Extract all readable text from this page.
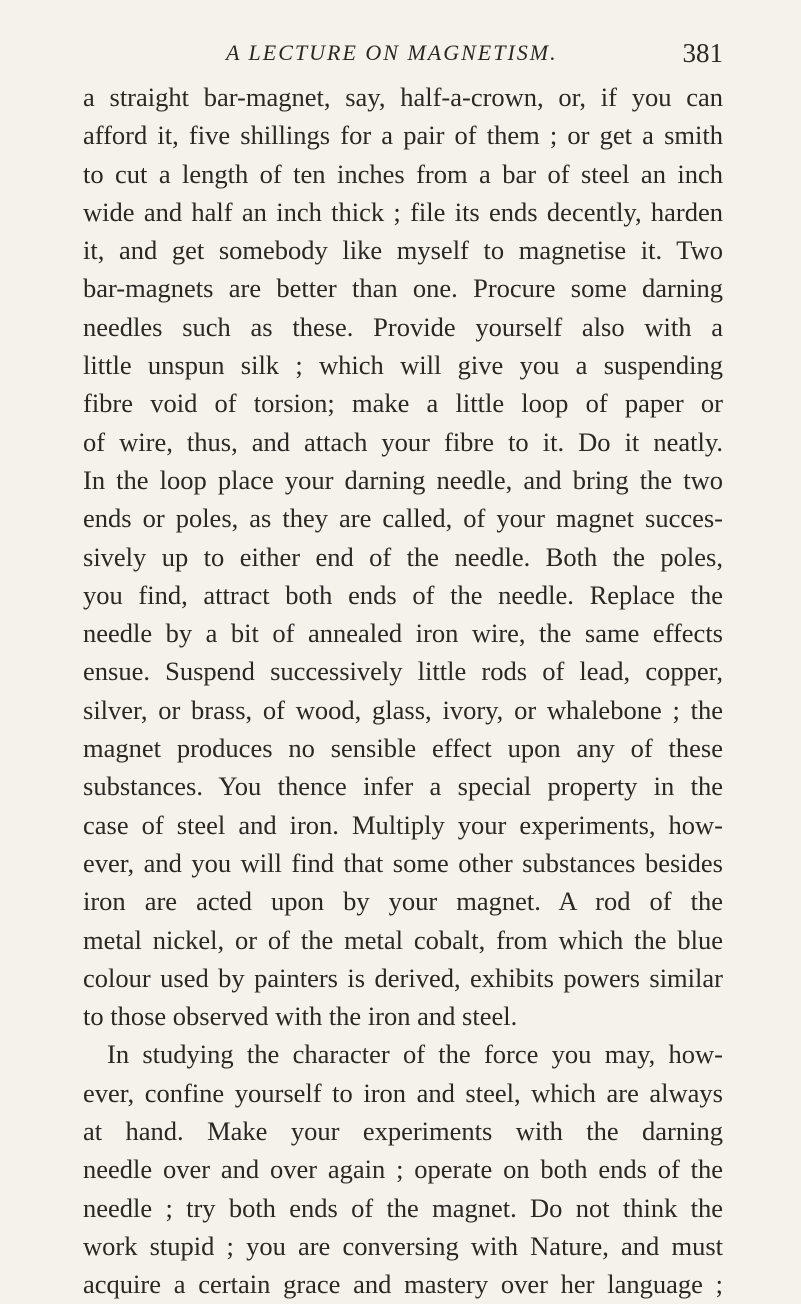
A LECTURE ON MAGNETISM.	381
a straight bar-magnet, say, half-a-crown, or, if you can
afford it, five shillings for a pair of them ; or get a smith
to cut a length of ten inches from a bar of steel an inch
wide and half an inch thick ; file its ends decently, harden
it, and get somebody like myself to magnetise it. Two
bar-magnets are better than one. Procure some darning
needles such as these. Provide yourself also with a
little unspun silk ; which will give you a suspending
fibre void of torsion; make a little loop of paper or
of wire, thus, and attach your fibre to it. Do it neatly.
In the loop place your darning needle, and bring the two
ends or poles, as they are called, of your magnet succes-
sively up to either end of the needle. Both the poles,
you find, attract both ends of the needle. Replace the
needle by a bit of annealed iron wire, the same effects
ensue. Suspend successively little rods of lead, copper,
silver, or brass, of wood, glass, ivory, or whalebone ; the
magnet produces no sensible effect upon any of these
substances. You thence infer a special property in the
case of steel and iron. Multiply your experiments, how-
ever, and you will find that some other substances besides
iron are acted upon by your magnet. A rod of the
metal nickel, or of the metal cobalt, from which the blue
colour used by painters is derived, exhibits powers similar
to those observed with the iron and steel.
In studying the character of the force you may, how-
ever, confine yourself to iron and steel, which are always
at hand. Make your experiments with the darning
needle over and over again ; operate on both ends of the
needle ; try both ends of the magnet. Do not think the
work stupid ; you are conversing with Nature, and must
acquire a certain grace and mastery over her language ;
